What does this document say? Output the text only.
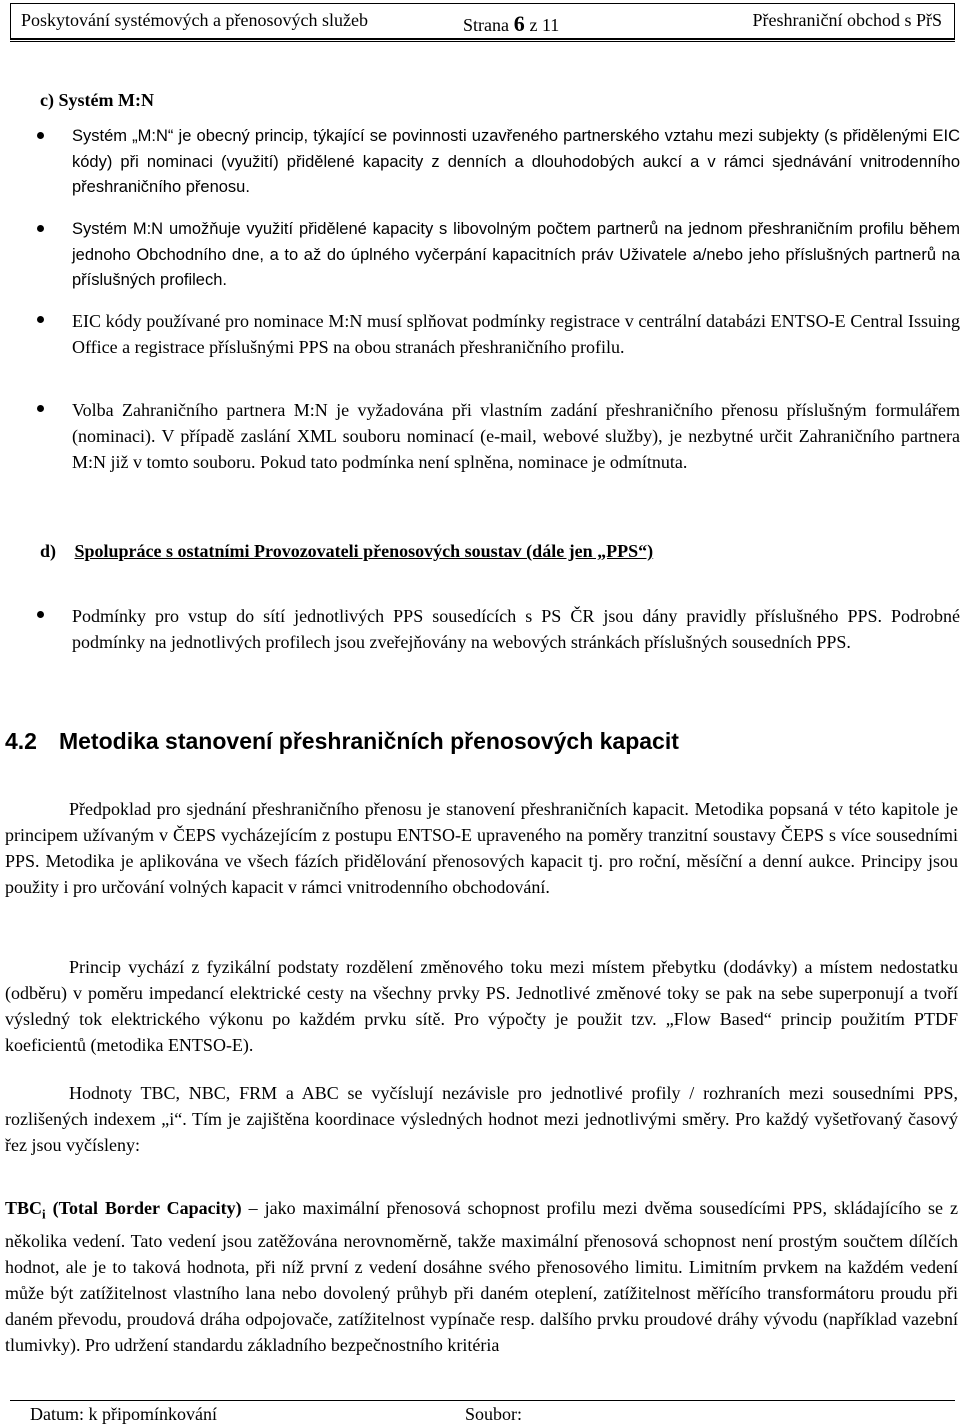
Poskytování systémových a přenosových služeb	Strana 6 z 11	Přeshraniční obchod s PřS
c) Systém M:N
Systém „M:N“ je obecný princip, týkající se povinnosti uzavřeného partnerského vztahu mezi subjekty (s přidělenými EIC kódy) při nominaci (využití) přidělené kapacity z denních a dlouhodobých aukcí a v rámci sjednávání vnitrodenního přeshraničního přenosu.
Systém M:N umožňuje využití přidělené kapacity s libovolným počtem partnerů na jednom přeshraničním profilu během jednoho Obchodního dne, a to až do úplného vyčerpání kapacitních práv Uživatele a/nebo jeho příslušných partnerů na příslušných profilech.
EIC kódy používané pro nominace M:N musí splňovat podmínky registrace v centrální databázi ENTSO-E Central Issuing Office a registrace příslušnými PPS na obou stranách přeshraničního profilu.
Volba Zahraničního partnera M:N je vyžadována při vlastním zadání přeshraničního přenosu příslušným formulářem (nominaci). V případě zaslání XML souboru nominací (e-mail, webové služby), je nezbytné určit Zahraničního partnera M:N již v tomto souboru. Pokud tato podmínka není splněna, nominace je odmítnuta.
d) Spolupráce s ostatními Provozovateli přenosových soustav (dále jen „PPS“)
Podmínky pro vstup do sítí jednotlivých PPS sousedících s PS ČR jsou dány pravidly příslušného PPS. Podrobné podmínky na jednotlivých profilech jsou zveřejňovány na webových stránkách příslušných sousedních PPS.
4.2 Metodika stanovení přeshraničních přenosových kapacit
Předpoklad pro sjednání přeshraničního přenosu je stanovení přeshraničních kapacit. Metodika popsaná v této kapitole je principem užívaným v ČEPS vycházejícím z postupu ENTSO-E upraveného na poměry tranzitní soustavy ČEPS s více sousedními PPS. Metodika je aplikována ve všech fázích přidělování přenosových kapacit tj. pro roční, měsíční a denní aukce. Principy jsou použity i pro určování volných kapacit v rámci vnitrodenního obchodování.
Princip vychází z fyzikální podstaty rozdělení změnového toku mezi místem přebytku (dodávky) a místem nedostatku (odběru) v poměru impedancí elektrické cesty na všechny prvky PS. Jednotlivé změnové toky se pak na sebe superponují a tvoří výsledný tok elektrického výkonu po každém prvku sítě. Pro výpočty je použit tzv. „Flow Based“ princip použitím PTDF koeficientů (metodika ENTSO-E).
Hodnoty TBC, NBC, FRM a ABC se vyčíslují nezávisle pro jednotlivé profily / rozhraních mezi sousedními PPS, rozlišených indexem „i“. Tím je zajištěna koordinace výsledných hodnot mezi jednotlivými směry. Pro každý vyšetřovaný časový řez jsou vyčísleny:
$TBC_i$ (Total Border Capacity) – jako maximální přenosová schopnost profilu mezi dvěma sousedícími PPS, skládajícího se z několika vedení. Tato vedení jsou zatěžována nerovnoměrně, takže maximální přenosová schopnost není prostým součtem dílčích hodnot, ale je to taková hodnota, při níž první z vedení dosáhne svého přenosového limitu. Limitním prvkem na každém vedení může být zatížitelnost vlastního lana nebo dovolený průhyb při daném oteplení, zatížitelnost měřícího transformátoru proudu při daném převodu, proudová dráha odpojovače, zatížitelnost vypínače resp. dalšího prvku proudové dráhy vývodu (například vazební tlumivky). Pro udržení standardu základního bezpečnostního kritéria
Datum: k připomínkování	Soubor:
